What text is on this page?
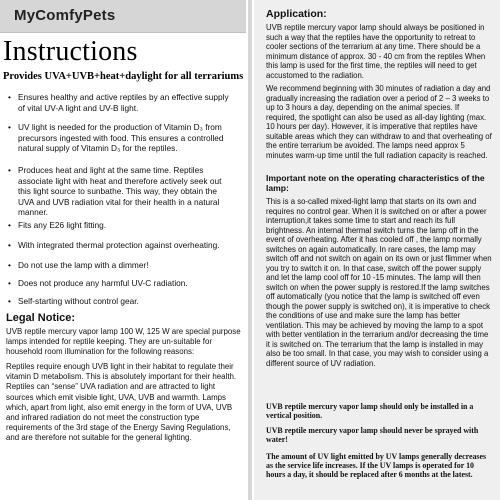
MyComfyPets
Instructions
Provides UVA+UVB+heat+daylight for all terrariums
• Ensures healthy and active reptiles by an effective supply of vital UV-A light and UV-B light.
• UV light is needed for the production of Vitamin D₃ from precursors ingested with food. This ensures a controlled natural supply of Vitamin D₃ for the reptiles.
• Produces heat and light at the same time. Reptiles associate light with heat and therefore actively seek out this light source to sunbathe. This way, they obtain the UVA and UVB radiation vital for their health in a natural manner.
• Fits any E26 light fitting.
• With integrated thermal protection against overheating.
• Do not use the lamp with a dimmer!
• Does not produce any harmful UV-C radiation.
• Self-starting without control gear.
Legal Notice:

UVB reptile mercury vapor lamp 100 W, 125 W are special purpose lamps intended for reptile keeping. They are un-suitable for household room illumination for the following reasons:

Reptiles require enough UVB light in their habitat to regulate their vitamin D metabolism. This is absolutely important for their health. Reptiles can “sense” UVA radiation and are attracted to light sources which emit visible light, UVA, UVB and warmth. Lamps which, apart from light, also emit energy in the form of UVA, UVB and infrared radiation do not meet the construction type requirements of the 3rd stage of the Energy Saving Regulations, and are therefore not suitable for the general lighting.

Application:
UVB reptile mercury vapor lamp should always be positioned in such a way that the reptiles have the opportunity to retreat to cooler sections of the terrarium at any time. There should be a minimum distance of approx. 30 - 40 cm from the reptiles When this lamp is used for the first time, the reptiles will need to get accustomed to the radiation.
We recommend beginning with 30 minutes of radiation a day and gradually increasing the radiation over a period of 2 – 3 weeks to up to 3 hours a day, depending on the animal species. If required, the spotlight can also be used as all-day lighting (max. 10 hours per day). However, it is imperative that reptiles have suitable areas which they can withdraw to and that overheating of the entire terrarium be avoided. The lamps need approx 5 minutes warm-up time until the full radiation capacity is reached.
Important note on the operating characteristics of the lamp:
This is a so-called mixed-light lamp that starts on its own and requires no control gear. When it is switched on or after a power interruption,it takes some time to start and reach its full brightness. An internal thermal switch turns the lamp off in the event of overheating. After it has cooled off , the lamp normally switches on again automatically. In rare cases, the lamp may switch off and not switch on again on its own or just flimmer when you try to switch it on. In that case, switch off the power supply and let the lamp cool off for 10 -15 minutes. The lamp will then switch on when the power supply is restored.If the lamp switches off automatically (you notice that the lamp is switched off even though the power supply is switched on), it is imperative to check the conditions of use and make sure the lamp has better ventilation. This may be achieved by moving the lamp to a spot with better ventilation in the terrarium and/or decreasing the time it is switched on. The terrarium that the lamp is installed in may also be too small. In that case, you may wish to consider using a different source of UV radiation.
UVB reptile mercury vapor lamp should only be installed in a vertical position.
UVB reptile mercury vapor lamp should never be sprayed with water!
The amount of UV light emitted by UV lamps generally decreases as the service life increases. If the UV lamps is operated for 10 hours a day, it should be replaced after 6 months at the latest.
